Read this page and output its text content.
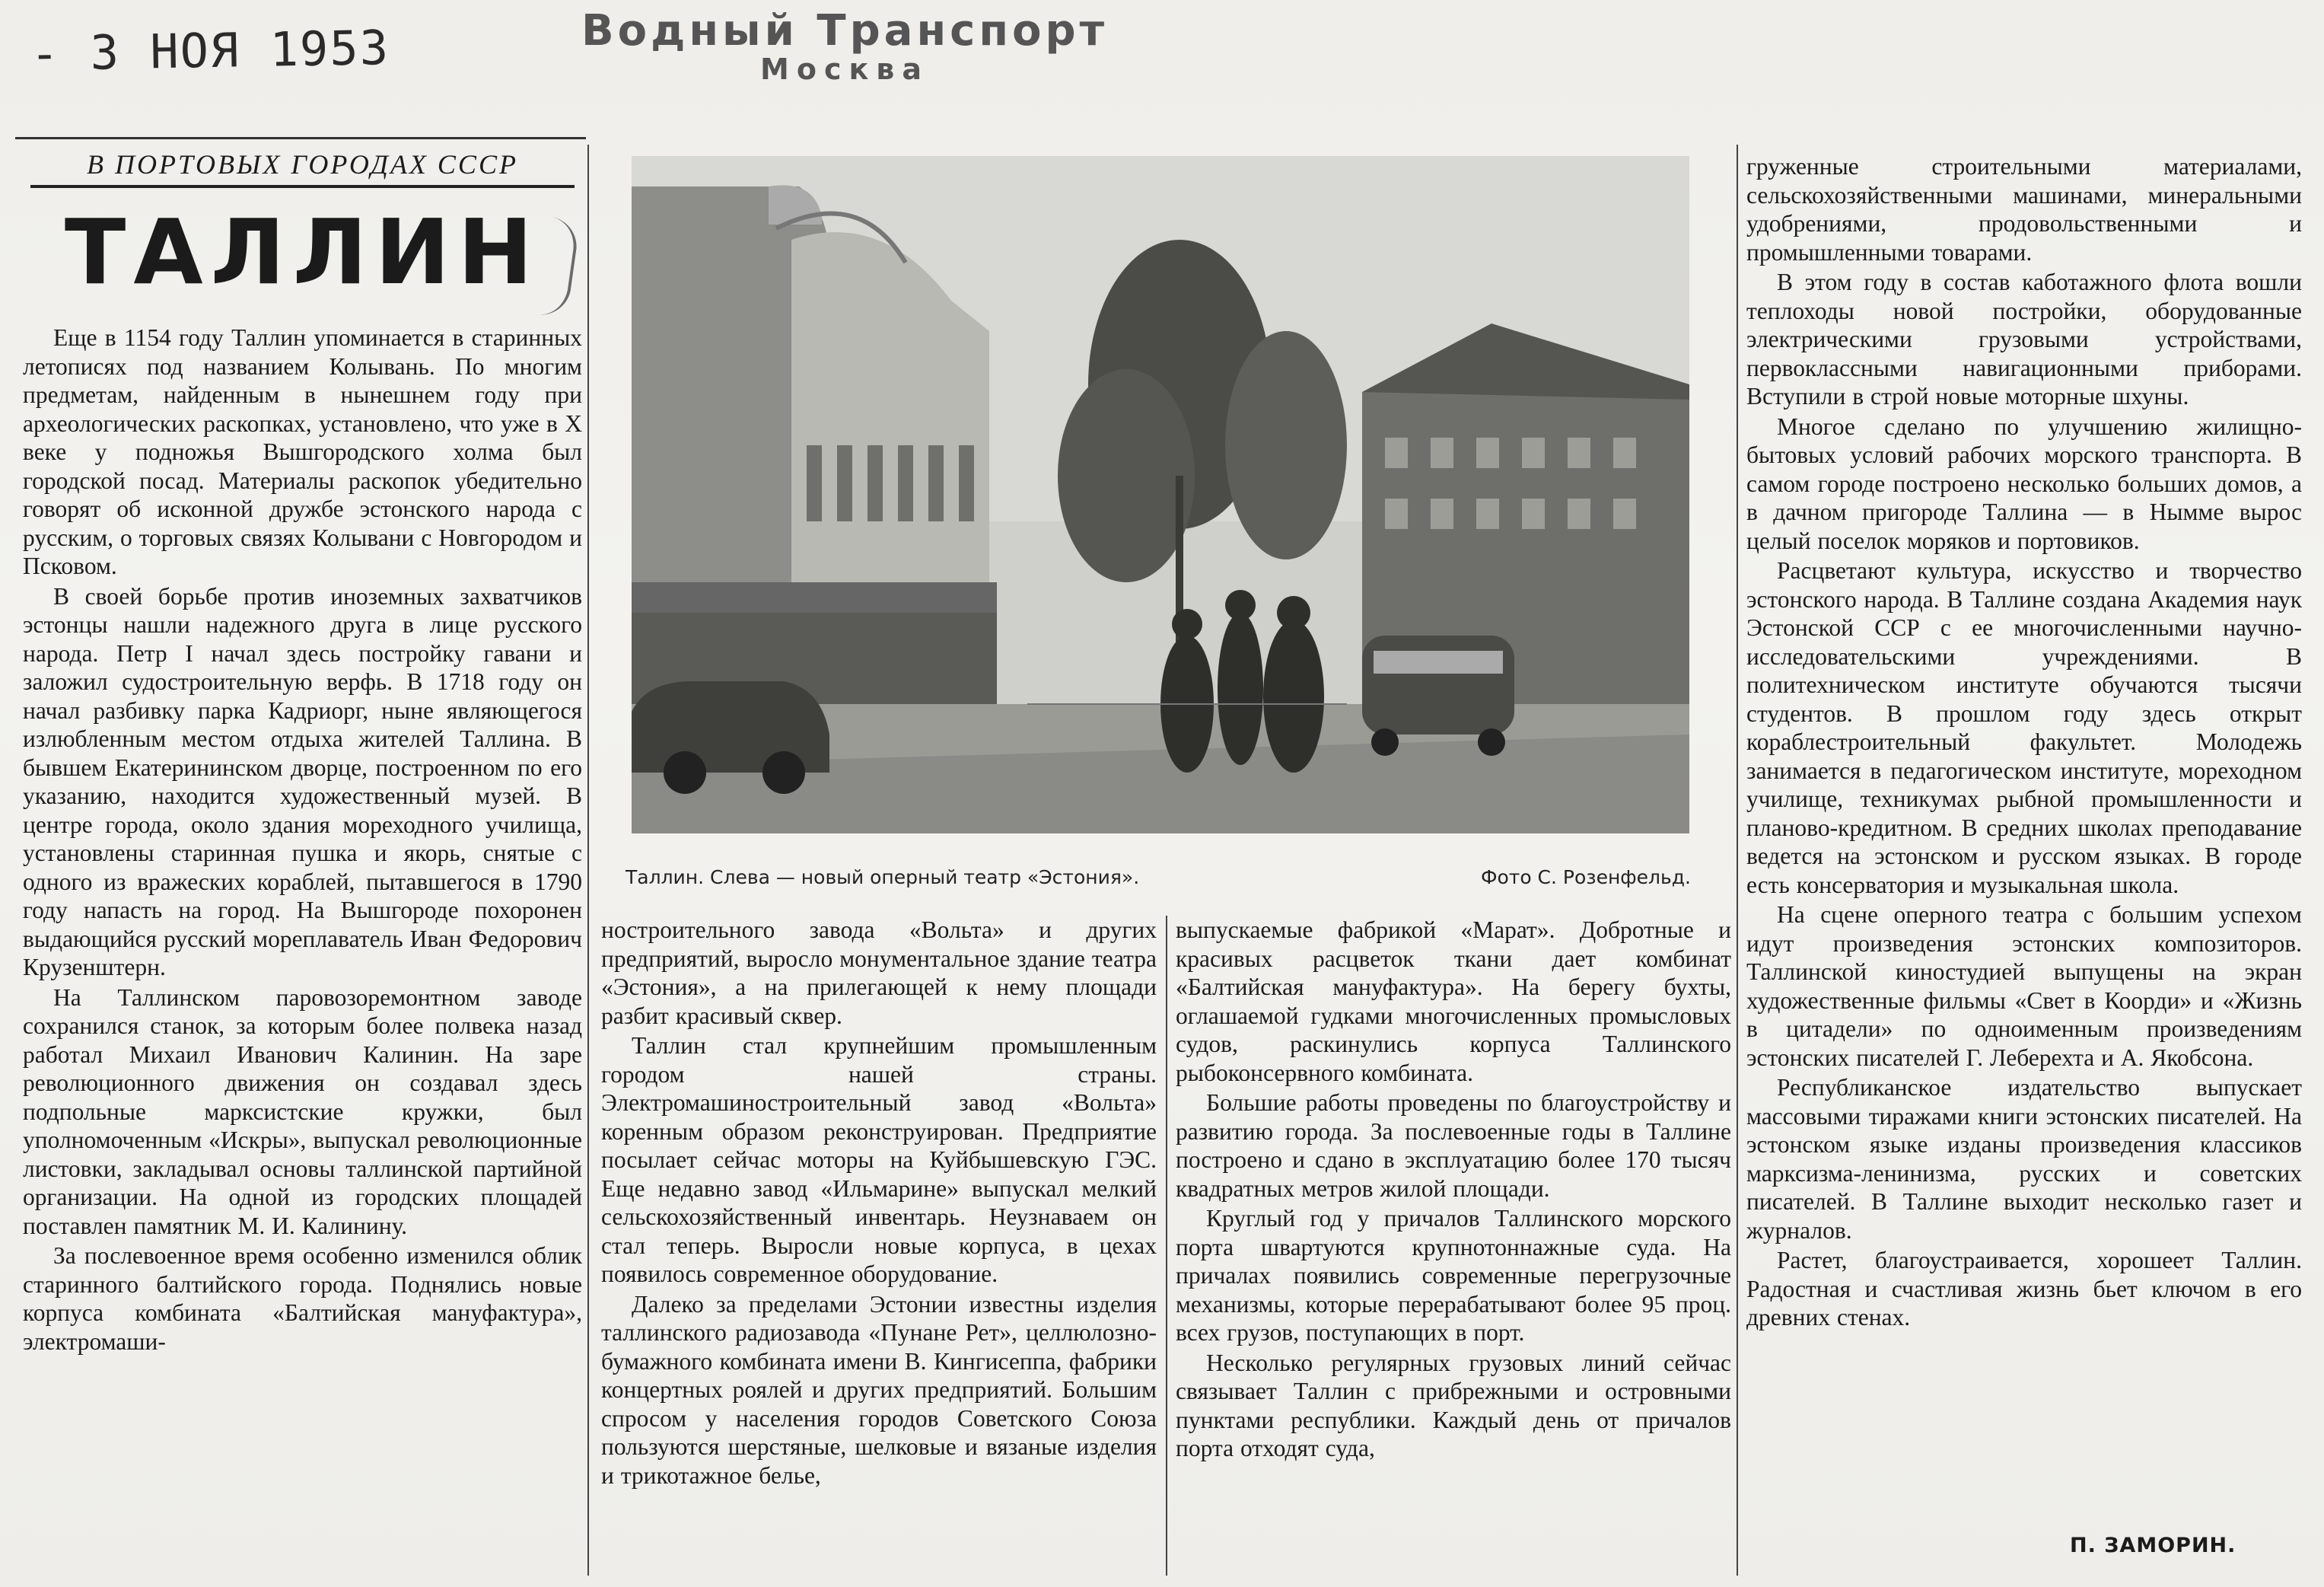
- 3 НОЯ 1953	Водный Транспорт
Москва
В ПОРТОВЫХ ГОРОДАХ СССР
ТАЛЛИН

Еще в 1154 году Таллин упоминается в старинных летописях под названием Колывань. По многим предметам, найденным в нынешнем году при археологических раскопках, установлено, что уже в X веке у подножья Вышгородского холма был городской посад. Материалы раскопок убедительно говорят об исконной дружбе эстонского народа с русским, о торговых связях Колывани с Новгородом и Псковом.

В своей борьбе против иноземных захватчиков эстонцы нашли надежного друга в лице русского народа. Петр I начал здесь постройку гавани и заложил судостроительную верфь. В 1718 году он начал разбивку парка Кадриорг, ныне являющегося излюбленным местом отдыха жителей Таллина. В бывшем Екатерининском дворце, построенном по его указанию, находится художественный музей. В центре города, около здания мореходного училища, установлены старинная пушка и якорь, снятые с одного из вражеских кораблей, пытавшегося в 1790 году напасть на город. На Вышгороде похоронен выдающийся русский мореплаватель Иван Федорович Крузенштерн.

На Таллинском паровозоремонтном заводе сохранился станок, за которым более полвека назад работал Михаил Иванович Калинин. На заре революционного движения он создавал здесь подпольные марксистские кружки, был уполномоченным «Искры», выпускал революционные листовки, закладывал основы таллинской партийной организации. На одной из городских площадей поставлен памятник М. И. Калинину.

За послевоенное время особенно изменился облик старинного балтийского города. Поднялись новые корпуса комбината «Балтийская мануфактура», электромаши-

Таллин. Слева — новый оперный театр «Эстония».	Фото С. Розенфельд.

ностроительного завода «Вольта» и других предприятий, выросло монументальное здание театра «Эстония», а на прилегающей к нему площади разбит красивый сквер.

Таллин стал крупнейшим промышленным городом нашей страны. Электромашиностроительный завод «Вольта» коренным образом реконструирован. Предприятие посылает сейчас моторы на Куйбышевскую ГЭС. Еще недавно завод «Ильмаринe» выпускал мелкий сельскохозяйственный инвентарь. Неузнаваем он стал теперь. Выросли новые корпуса, в цехах появилось современное оборудование.

Далеко за пределами Эстонии известны изделия таллинского радиозавода «Пунане Рет», целлюлозно-бумажного комбината имени В. Кингисеппа, фабрики концертных роялей и других предприятий. Большим спросом у населения городов Советского Союза пользуются шерстяные, шелковые и вязаные изделия и трикотажное белье,

выпускаемые фабрикой «Марат». Добротные и красивых расцветок ткани дает комбинат «Балтийская мануфактура». На берегу бухты, оглашаемой гудками многочисленных промысловых судов, раскинулись корпуса Таллинского рыбоконсервного комбината.

Большие работы проведены по благоустройству и развитию города. За послевоенные годы в Таллине построено и сдано в эксплуатацию более 170 тысяч квадратных метров жилой площади.

Круглый год у причалов Таллинского морского порта швартуются крупнотоннажные суда. На причалах появились современные перегрузочные механизмы, которые перерабатывают более 95 проц. всех грузов, поступающих в порт.

Несколько регулярных грузовых линий сейчас связывает Таллин с прибрежными и островными пунктами республики. Каждый день от причалов порта отходят суда,

груженные строительными материалами, сельскохозяйственными машинами, минеральными удобрениями, продовольственными и промышленными товарами.

В этом году в состав каботажного флота вошли теплоходы новой постройки, оборудованные электрическими грузовыми устройствами, первоклассными навигационными приборами. Вступили в строй новые моторные шхуны.

Многое сделано по улучшению жилищно-бытовых условий рабочих морского транспорта. В самом городе построено несколько больших домов, а в дачном пригороде Таллина — в Нымме вырос целый поселок моряков и портовиков.

Расцветают культура, искусство и творчество эстонского народа. В Таллине создана Академия наук Эстонской ССР с ее многочисленными научно-исследовательскими учреждениями. В политехническом институте обучаются тысячи студентов. В прошлом году здесь открыт кораблестроительный факультет. Молодежь занимается в педагогическом институте, мореходном училище, техникумах рыбной промышленности и планово-кредитном. В средних школах преподавание ведется на эстонском и русском языках. В городе есть консерватория и музыкальная школа.

На сцене оперного театра с большим успехом идут произведения эстонских композиторов. Таллинской киностудией выпущены на экран художественные фильмы «Свет в Коорди» и «Жизнь в цитадели» по одноименным произведениям эстонских писателей Г. Леберехта и А. Якобсона.

Республиканское издательство выпускает массовыми тиражами книги эстонских писателей. На эстонском языке изданы произведения классиков марксизма-ленинизма, русских и советских писателей. В Таллине выходит несколько газет и журналов.

Растет, благоустраивается, хорошеет Таллин. Радостная и счастливая жизнь бьет ключом в его древних стенах.

П. ЗАМОРИН.
